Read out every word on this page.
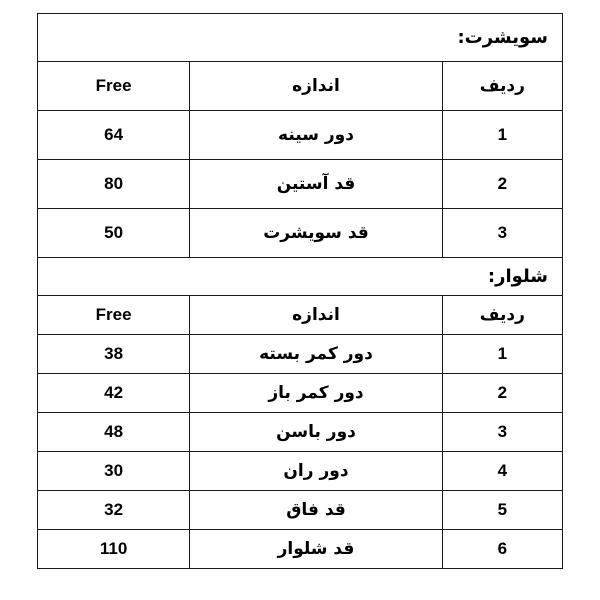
سویشرت:		
Free	اندازه	ردیف
64	دور سینه	1
80	قد آستین	2
50	قد سویشرت	3
شلوار:		
Free	اندازه	ردیف
38	دور کمر بسته	1
42	دور کمر باز	2
48	دور باسن	3
30	دور ران	4
32	قد فاق	5
110	قد شلوار	6
